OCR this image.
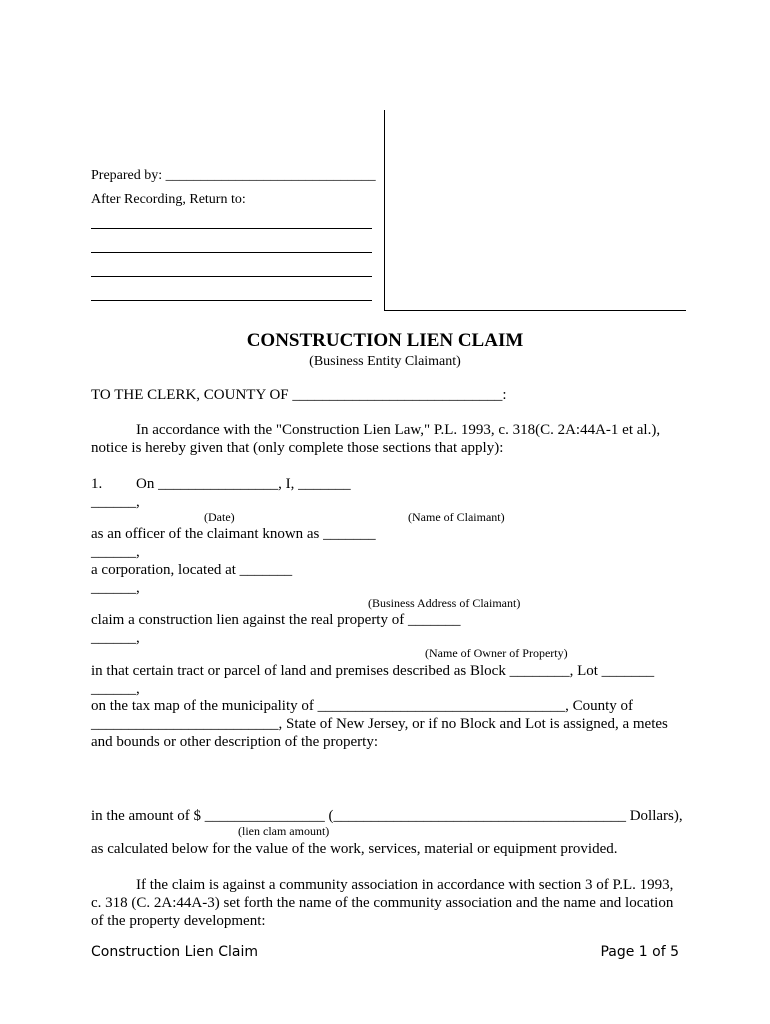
Prepared by: ______________________________
After Recording, Return to:
CONSTRUCTION LIEN CLAIM
(Business Entity Claimant)
TO THE CLERK, COUNTY OF ____________________________:
In accordance with the "Construction Lien Law," P.L. 1993, c. 318(C. 2A:44A-1 et al.),
notice is hereby given that (only complete those sections that apply):
1. On ________________, I, _______
______,
(Date)	(Name of Claimant)
as an officer of the claimant known as _______
______,
a corporation, located at _______
______,
(Business Address of Claimant)
claim a construction lien against the real property of _______
______,
(Name of Owner of Property)
in that certain tract or parcel of land and premises described as Block ________, Lot _______
______,
on the tax map of the municipality of _________________________________, County of
_________________________, State of New Jersey, or if no Block and Lot is assigned, a metes
and bounds or other description of the property:
in the amount of $ ________________ (_______________________________________ Dollars),
(lien clam amount)
as calculated below for the value of the work, services, material or equipment provided.
If the claim is against a community association in accordance with section 3 of P.L. 1993,
c. 318 (C. 2A:44A-3) set forth the name of the community association and the name and location
of the property development:
Construction Lien Claim	Page 1 of 5
